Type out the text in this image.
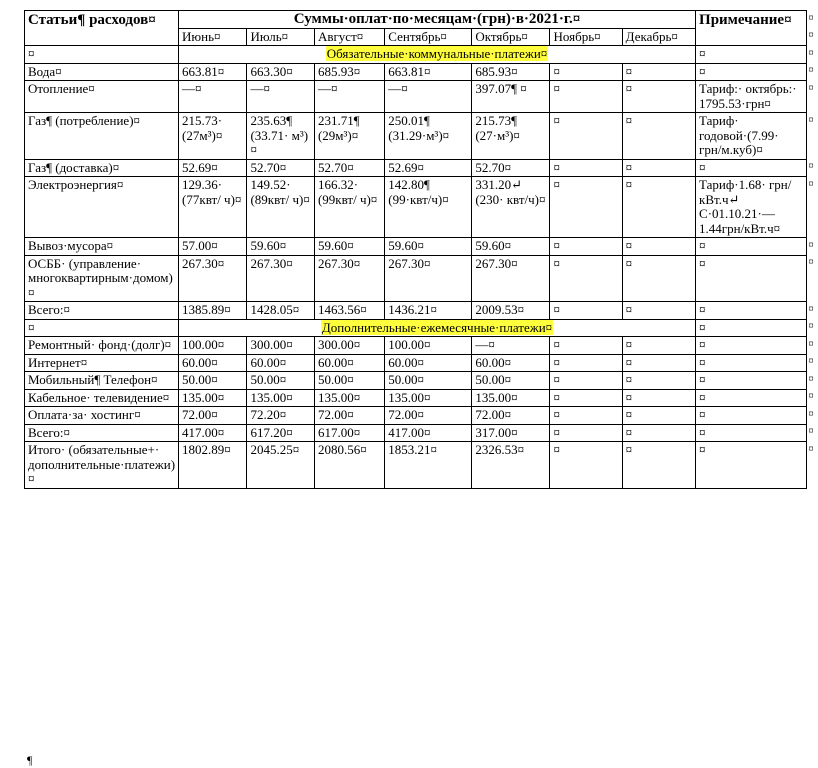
Статьи¶ расходов¤	Суммы·оплат·по·месяцам·(грн)·в·2021·г.¤							Примечание¤	¤
	Июнь¤	Июль¤	Август¤	Сентябрь¤	Октябрь¤	Ноябрь¤	Декабрь¤		¤
¤	Обязательные·коммунальные·платежи¤							¤	¤
Вода¤	663.81¤	663.30¤	685.93¤	663.81¤	685.93¤	¤	¤	¤	¤
Отопление¤	—¤	—¤	—¤	—¤	397.07¶ ¤	¤	¤	Тариф:· октябрь:· 1795.53·грн¤	¤
Газ¶ (потребление)¤	215.73· (27м³)¤	235.63¶ (33.71· м³)¤	231.71¶ (29м³)¤	250.01¶ (31.29·м³)¤	215.73¶ (27·м³)¤	¤	¤	Тариф· годовой·(7.99· грн/м.куб)¤	¤
Газ¶ (доставка)¤	52.69¤	52.70¤	52.70¤	52.69¤	52.70¤	¤	¤	¤	¤
Электроэнергия¤	129.36· (77квт/ ч)¤	149.52· (89квт/ ч)¤	166.32· (99квт/ ч)¤	142.80¶ (99·квт/ч)¤	331.20↵ (230· квт/ч)¤	¤	¤	Тариф·1.68· грн/кВт.ч↵ С·01.10.21·— 1.44грн/кВт.ч¤	¤
Вывоз·мусора¤	57.00¤	59.60¤	59.60¤	59.60¤	59.60¤	¤	¤	¤	¤
ОСББ· (управление· многоквартирным·домом)¤	267.30¤	267.30¤	267.30¤	267.30¤	267.30¤	¤	¤	¤	¤
Всего:¤	1385.89¤	1428.05¤	1463.56¤	1436.21¤	2009.53¤	¤	¤	¤	¤
¤	Дополнительные·ежемесячные·платежи¤							¤	¤
Ремонтный· фонд·(долг)¤	100.00¤	300.00¤	300.00¤	100.00¤	—¤	¤	¤	¤	¤
Интернет¤	60.00¤	60.00¤	60.00¤	60.00¤	60.00¤	¤	¤	¤	¤
Мобильный¶ Телефон¤	50.00¤	50.00¤	50.00¤	50.00¤	50.00¤	¤	¤	¤	¤
Кабельное· телевидение¤	135.00¤	135.00¤	135.00¤	135.00¤	135.00¤	¤	¤	¤	¤
Оплата·за· хостинг¤	72.00¤	72.20¤	72.00¤	72.00¤	72.00¤	¤	¤	¤	¤
Всего:¤	417.00¤	617.20¤	617.00¤	417.00¤	317.00¤	¤	¤	¤	¤
Итого· (обязательные+· дополнительные·платежи)¤	1802.89¤	2045.25¤	2080.56¤	1853.21¤	2326.53¤	¤	¤	¤	¤
¶
